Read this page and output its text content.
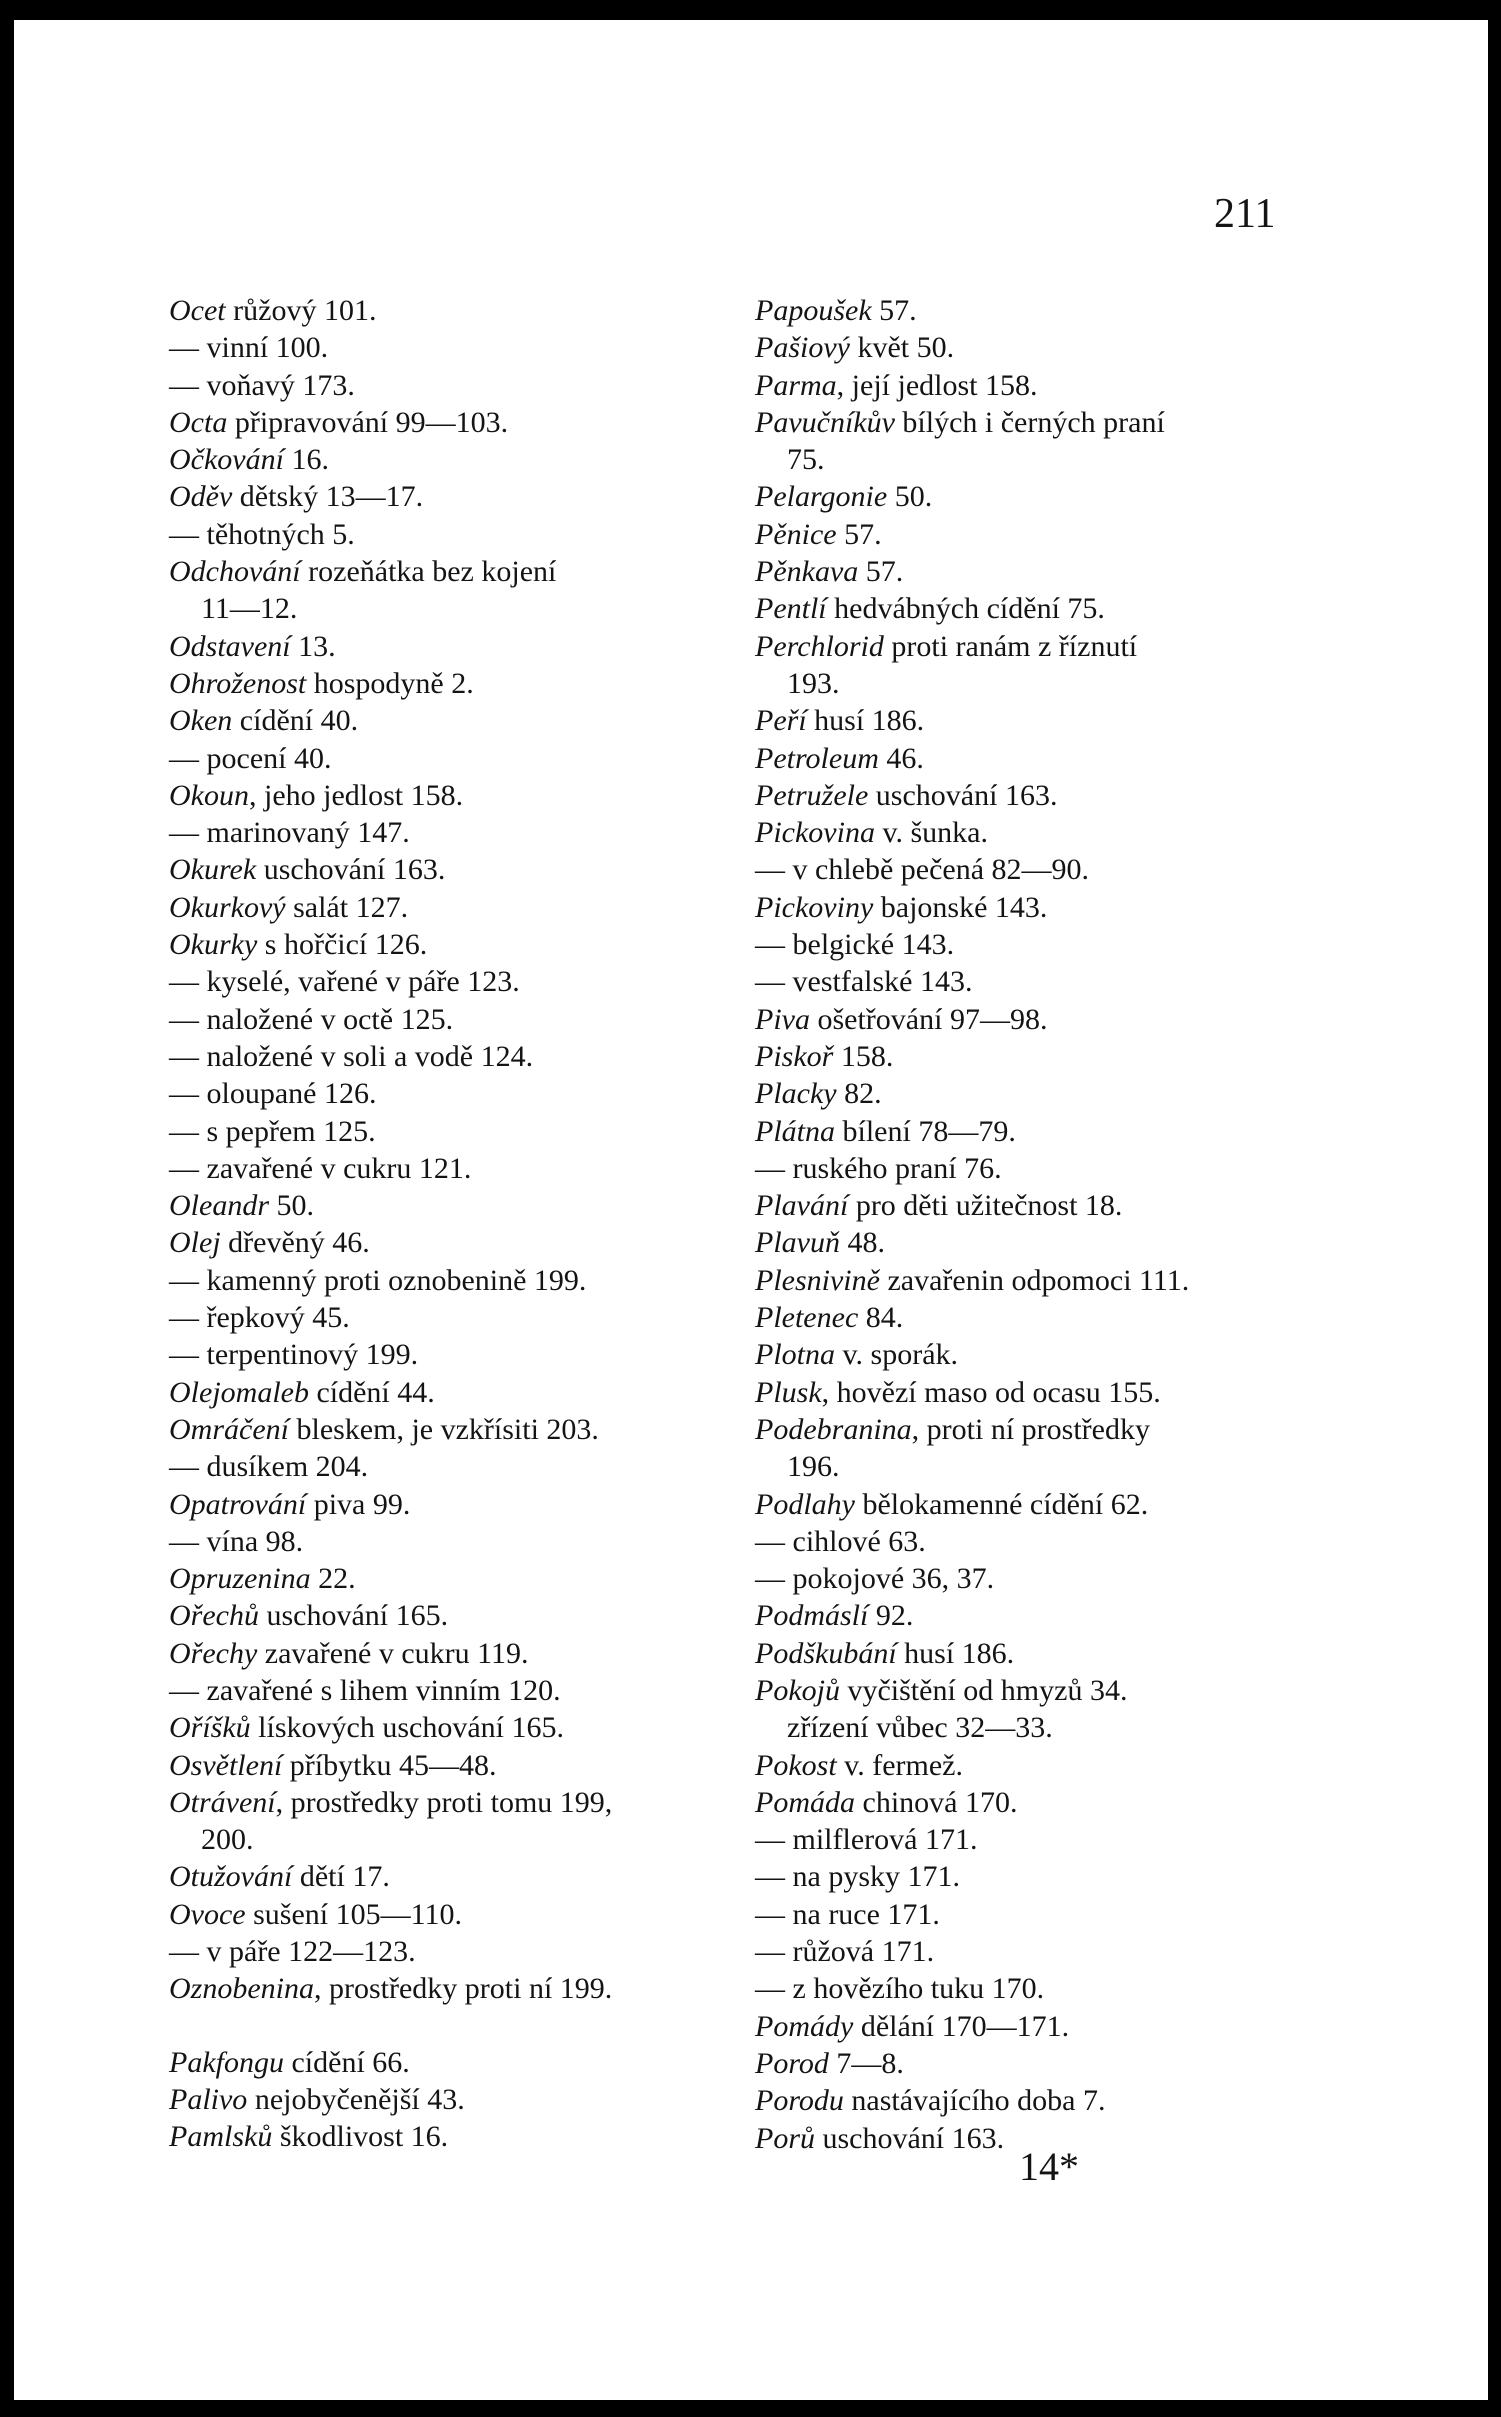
211
Ocet růžový 101.
— vinní 100.
— voňavý 173.
Octa připravování 99—103.
Očkování 16.
Oděv dětský 13—17.
— těhotných 5.
Odchování rozeňátka bez kojení
11—12.
Odstavení 13.
Ohroženost hospodyně 2.
Oken cídění 40.
— pocení 40.
Okoun, jeho jedlost 158.
— marinovaný 147.
Okurek uschování 163.
Okurkový salát 127.
Okurky s hořčicí 126.
— kyselé, vařené v páře 123.
— naložené v octě 125.
— naložené v soli a vodě 124.
— oloupané 126.
— s pepřem 125.
— zavařené v cukru 121.
Oleandr 50.
Olej dřevěný 46.
— kamenný proti oznobenině 199.
— řepkový 45.
— terpentinový 199.
Olejomaleb cídění 44.
Omráčení bleskem, je vzkřísiti 203.
— dusíkem 204.
Opatrování piva 99.
— vína 98.
Opruzenina 22.
Ořechů uschování 165.
Ořechy zavařené v cukru 119.
— zavařené s lihem vinním 120.
Oříšků lískových uschování 165.
Osvětlení příbytku 45—48.
Otrávení, prostředky proti tomu 199,
200.
Otužování dětí 17.
Ovoce sušení 105—110.
— v páře 122—123.
Oznobenina, prostředky proti ní 199.
Pakfongu cídění 66.
Palivo nejobyčenější 43.
Pamlsků škodlivost 16.
Papoušek 57.
Pašiový květ 50.
Parma, její jedlost 158.
Pavučníkův bílých i černých praní
75.
Pelargonie 50.
Pěnice 57.
Pěnkava 57.
Pentlí hedvábných cídění 75.
Perchlorid proti ranám z říznutí
193.
Peří husí 186.
Petroleum 46.
Petružele uschování 163.
Pickovina v. šunka.
— v chlebě pečená 82—90.
Pickoviny bajonské 143.
— belgické 143.
— vestfalské 143.
Piva ošetřování 97—98.
Piskoř 158.
Placky 82.
Plátna bílení 78—79.
— ruského praní 76.
Plavání pro děti užitečnost 18.
Plavuň 48.
Plesnivině zavařenin odpomoci 111.
Pletenec 84.
Plotna v. sporák.
Plusk, hovězí maso od ocasu 155.
Podebranina, proti ní prostředky
196.
Podlahy bělokamenné cídění 62.
— cihlové 63.
— pokojové 36, 37.
Podmáslí 92.
Podškubání husí 186.
Pokojů vyčištění od hmyzů 34.
zřízení vůbec 32—33.
Pokost v. fermež.
Pomáda chinová 170.
— milflerová 171.
— na pysky 171.
— na ruce 171.
— růžová 171.
— z hovězího tuku 170.
Pomády dělání 170—171.
Porod 7—8.
Porodu nastávajícího doba 7.
Porů uschování 163.
14*
